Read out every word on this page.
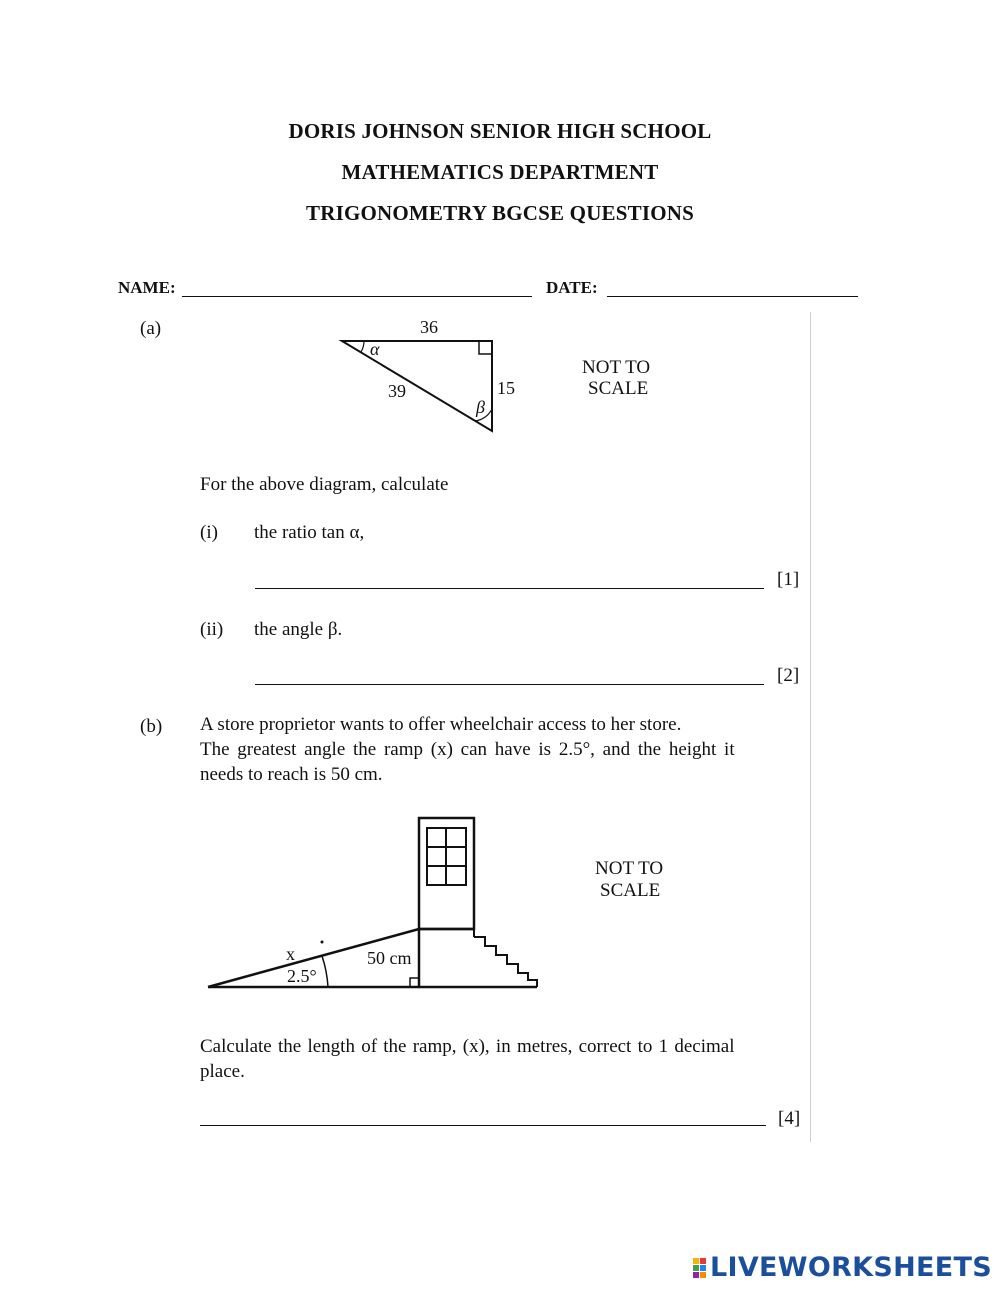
DORIS JOHNSON SENIOR HIGH SCHOOL
MATHEMATICS DEPARTMENT
TRIGONOMETRY BGCSE QUESTIONS
NAME:	DATE:
(a)	36
α
39	15
β
NOT TO
SCALE
For the above diagram, calculate
(i) the ratio tan α,
[1]
(ii) the angle β.
[2]
(b) A store proprietor wants to offer wheelchair access to her store.
The greatest angle the ramp (x) can have is 2.5°, and the height it
needs to reach is 50 cm.
x
2.5°
50 cm
NOT TO
SCALE
Calculate the length of the ramp, (x), in metres, correct to 1 decimal
place.
[4]
LIVEWORKSHEETS
